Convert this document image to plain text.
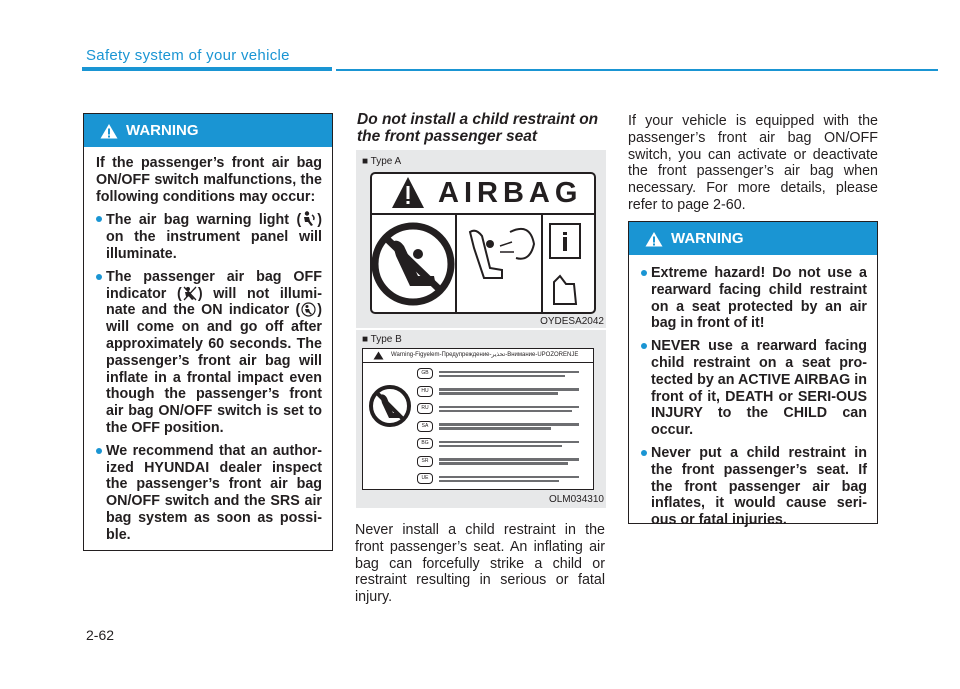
Safety system of your vehicle
WARNING

If the passenger’s front air bag ON/OFF switch malfunctions, the following conditions may occur:

The air bag warning light ( ) on the instrument panel will illuminate.
The passenger air bag OFF indicator ( ) will not illumi-nate and the ON indicator ( ) will come on and go off after approximately 60 seconds. The passenger’s front air bag will inflate in a frontal impact even though the passenger’s front air bag ON/OFF switch is set to the OFF position.
We recommend that an author-ized HYUNDAI dealer inspect the passenger’s front air bag ON/OFF switch and the SRS air bag system as soon as possi-ble.
Do not install a child restraint on the front passenger seat
■ Type A
AIRBAG
OYDESA2042
■ Type B
Warning-Figyelem-Предупреждение-تحذير-Внимание-UPOZORENJE
GB
HU
RU
SA
BG
SR
UE
OLM034310

Never install a child restraint in the front passenger’s seat. An inflating air bag can forcefully strike a child or restraint resulting in serious or fatal injury.

If your vehicle is equipped with the passenger’s front air bag ON/OFF switch, you can activate or deactivate the front passenger’s air bag when necessary. For more details, please refer to page 2-60.

WARNING
Extreme hazard! Do not use a rearward facing child restraint on a seat protected by an air bag in front of it!
NEVER use a rearward facing child restraint on a seat pro-tected by an ACTIVE AIRBAG in front of it, DEATH or SERI-OUS INJURY to the CHILD can occur.
Never put a child restraint in the front passenger’s seat. If the front passenger air bag inflates, it would cause seri-ous or fatal injuries.
2-62
